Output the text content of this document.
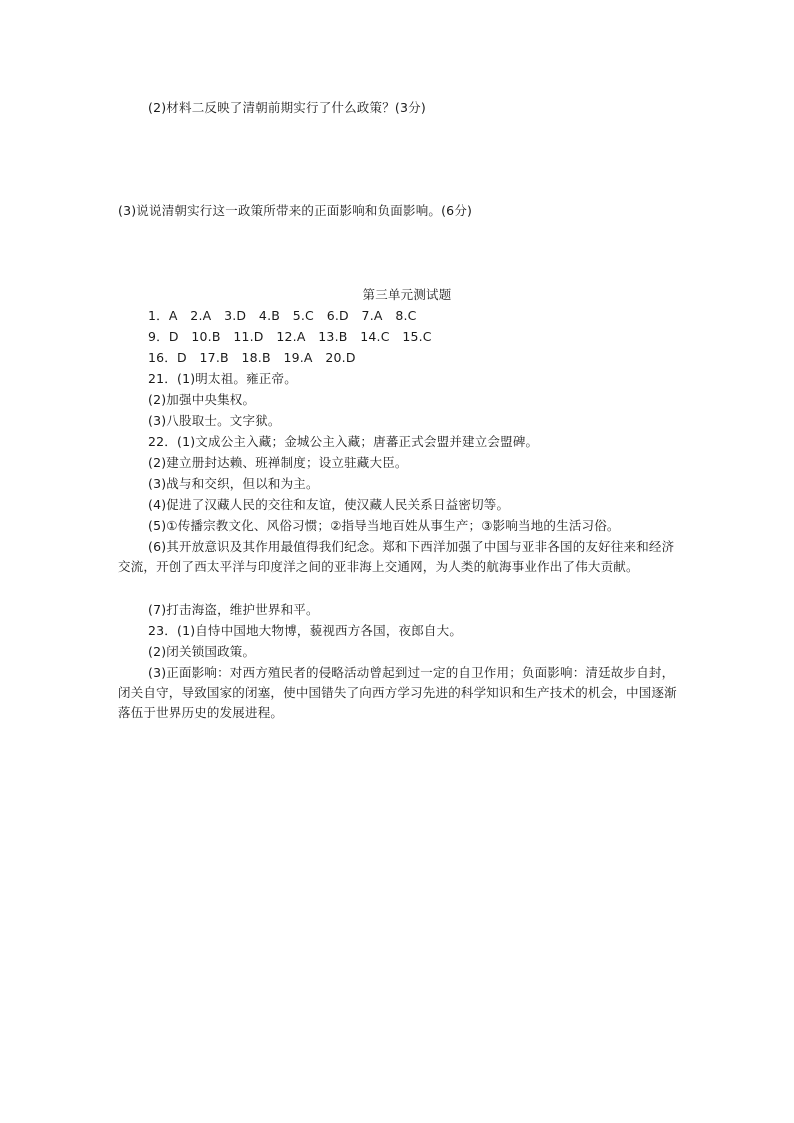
(2)材料二反映了清朝前期实行了什么政策？(3分)
(3)说说清朝实行这一政策所带来的正面影响和负面影响。(6分)
第三单元测试题
1．A　2.A　3.D　4.B　5.C　6.D　7.A　8.C
9．D　10.B　11.D　12.A　13.B　14.C　15.C
16．D　17.B　18.B　19.A　20.D
21．(1)明太祖。雍正帝。
(2)加强中央集权。
(3)八股取士。文字狱。
22．(1)文成公主入藏；金城公主入藏；唐蕃正式会盟并建立会盟碑。
(2)建立册封达赖、班禅制度；设立驻藏大臣。
(3)战与和交织，但以和为主。
(4)促进了汉藏人民的交往和友谊，使汉藏人民关系日益密切等。
(5)①传播宗教文化、风俗习惯；②指导当地百姓从事生产；③影响当地的生活习俗。
(6)其开放意识及其作用最值得我们纪念。郑和下西洋加强了中国与亚非各国的友好往来和经济交流，开创了西太平洋与印度洋之间的亚非海上交通网，为人类的航海事业作出了伟大贡献。
(7)打击海盗，维护世界和平。
23．(1)自恃中国地大物博，藐视西方各国，夜郎自大。
(2)闭关锁国政策。
(3)正面影响：对西方殖民者的侵略活动曾起到过一定的自卫作用；负面影响：清廷故步自封，闭关自守，导致国家的闭塞，使中国错失了向西方学习先进的科学知识和生产技术的机会，中国逐渐落伍于世界历史的发展进程。
